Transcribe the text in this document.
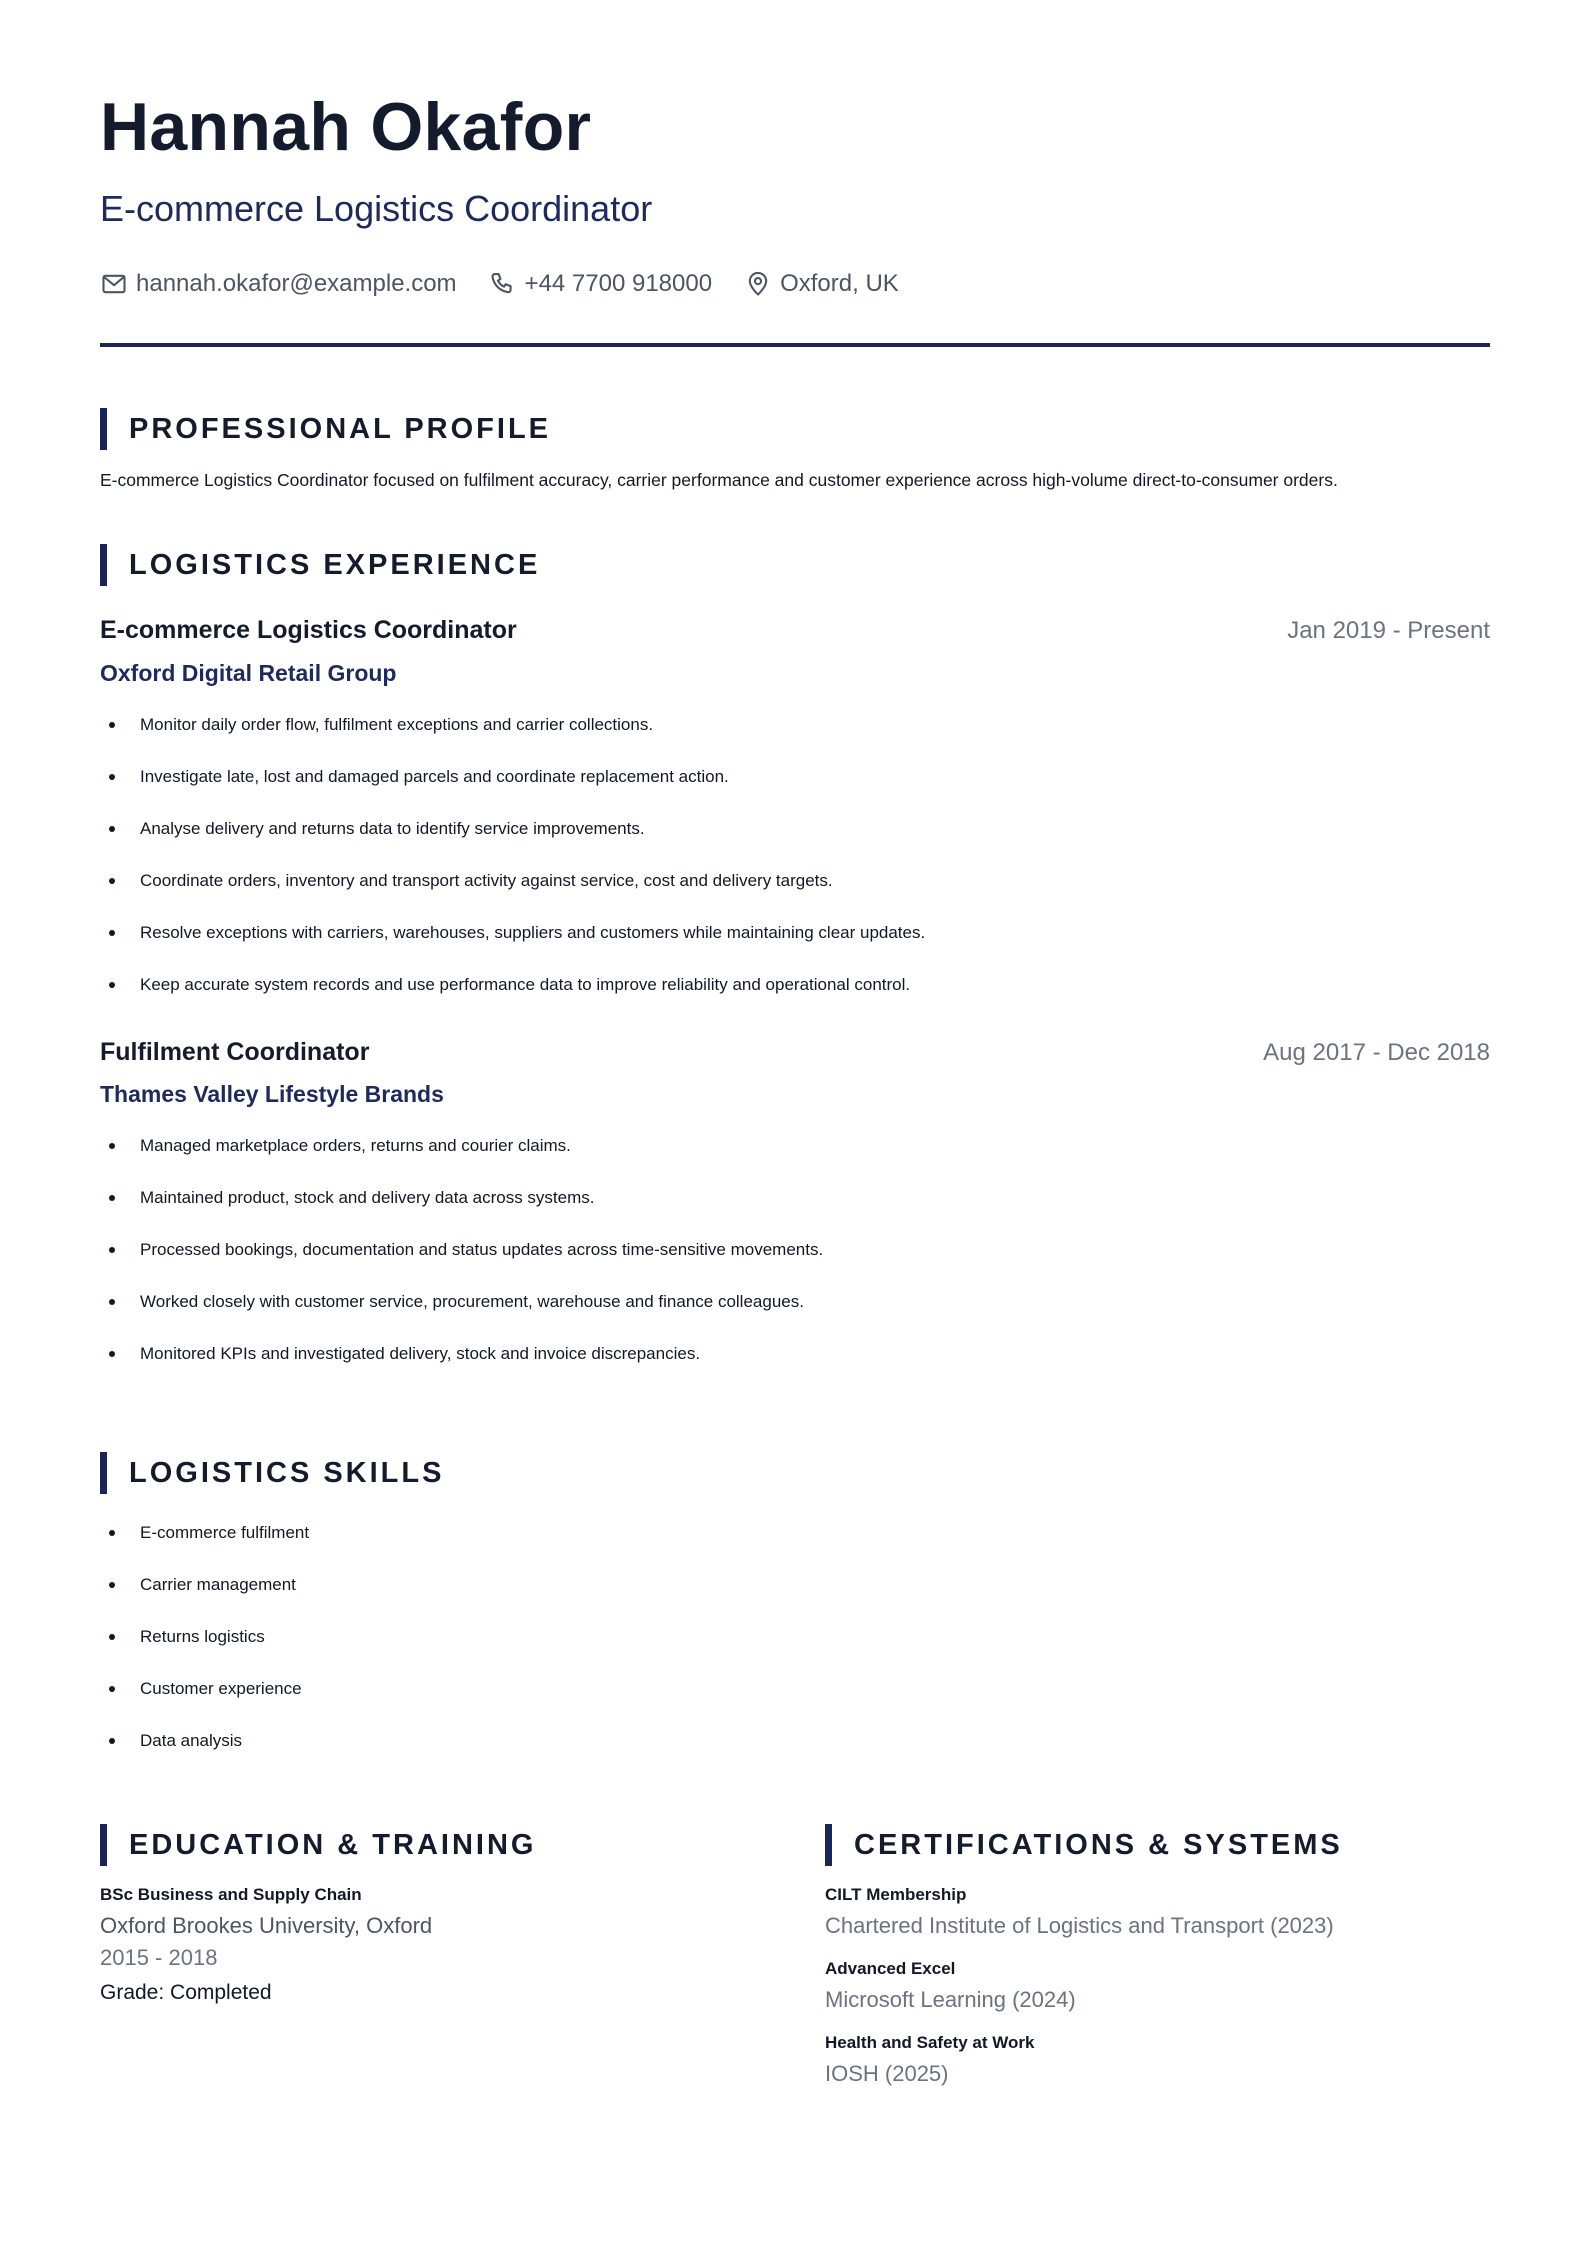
Hannah Okafor
E-commerce Logistics Coordinator
hannah.okafor@example.com	+44 7700 918000	Oxford, UK
PROFESSIONAL PROFILE
E-commerce Logistics Coordinator focused on fulfilment accuracy, carrier performance and customer experience across high-volume direct-to-consumer orders.
LOGISTICS EXPERIENCE
E-commerce Logistics Coordinator	Jan 2019 - Present
Oxford Digital Retail Group
Monitor daily order flow, fulfilment exceptions and carrier collections.
Investigate late, lost and damaged parcels and coordinate replacement action.
Analyse delivery and returns data to identify service improvements.
Coordinate orders, inventory and transport activity against service, cost and delivery targets.
Resolve exceptions with carriers, warehouses, suppliers and customers while maintaining clear updates.
Keep accurate system records and use performance data to improve reliability and operational control.
Fulfilment Coordinator	Aug 2017 - Dec 2018
Thames Valley Lifestyle Brands
Managed marketplace orders, returns and courier claims.
Maintained product, stock and delivery data across systems.
Processed bookings, documentation and status updates across time-sensitive movements.
Worked closely with customer service, procurement, warehouse and finance colleagues.
Monitored KPIs and investigated delivery, stock and invoice discrepancies.
LOGISTICS SKILLS
E-commerce fulfilment
Carrier management
Returns logistics
Customer experience
Data analysis
EDUCATION & TRAINING
BSc Business and Supply Chain
Oxford Brookes University, Oxford
2015 - 2018
Grade: Completed
CERTIFICATIONS & SYSTEMS
CILT Membership
Chartered Institute of Logistics and Transport (2023)
Advanced Excel
Microsoft Learning (2024)
Health and Safety at Work
IOSH (2025)
